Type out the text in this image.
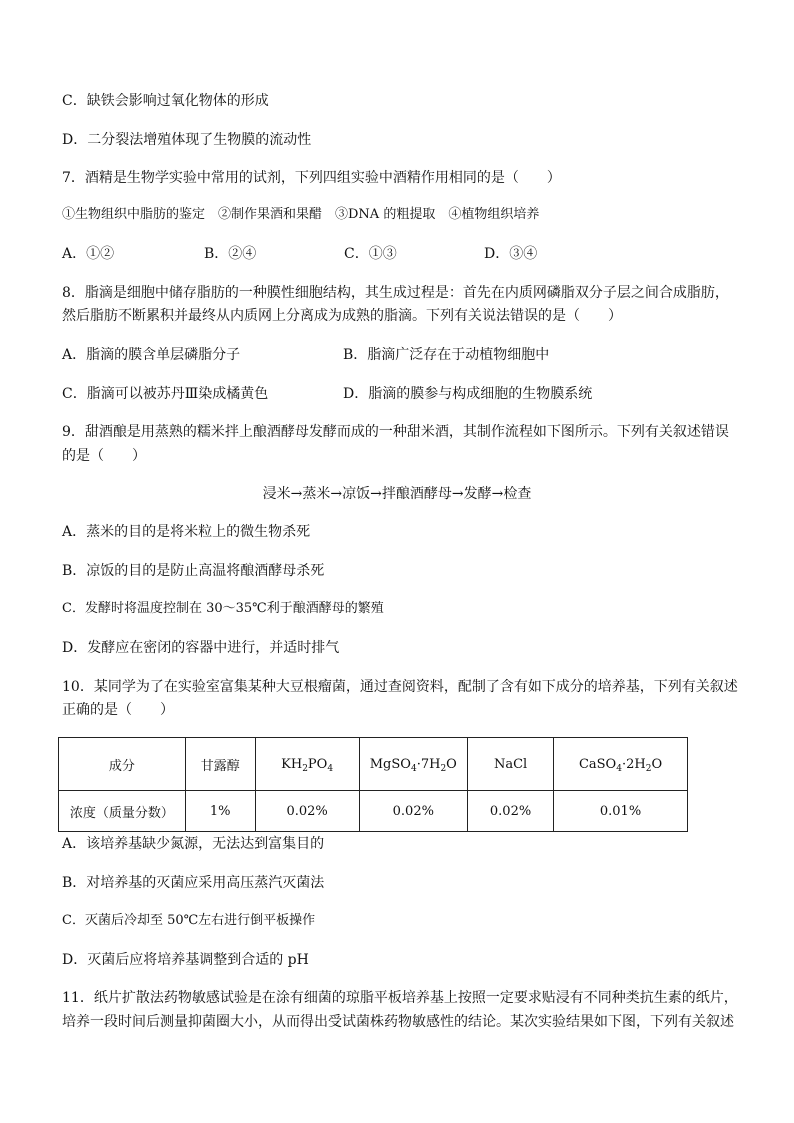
C．缺铁会影响过氧化物体的形成
D．二分裂法增殖体现了生物膜的流动性
7．酒精是生物学实验中常用的试剂，下列四组实验中酒精作用相同的是（　　）
①生物组织中脂肪的鉴定　②制作果酒和果醋　③DNA 的粗提取　④植物组织培养
A．①②	B．②④	C．①③	D．③④
8．脂滴是细胞中储存脂肪的一种膜性细胞结构，其生成过程是：首先在内质网磷脂双分子层之间合成脂肪，
然后脂肪不断累积并最终从内质网上分离成为成熟的脂滴。下列有关说法错误的是（　　）
A．脂滴的膜含单层磷脂分子	B．脂滴广泛存在于动植物细胞中
C．脂滴可以被苏丹Ⅲ染成橘黄色	D．脂滴的膜参与构成细胞的生物膜系统
9．甜酒酿是用蒸熟的糯米拌上酿酒酵母发酵而成的一种甜米酒，其制作流程如下图所示。下列有关叙述错误
的是（　　）
浸米→蒸米→凉饭→拌酿酒酵母→发酵→检查
A．蒸米的目的是将米粒上的微生物杀死
B．凉饭的目的是防止高温将酿酒酵母杀死
C．发酵时将温度控制在 30～35℃利于酿酒酵母的繁殖
D．发酵应在密闭的容器中进行，并适时排气
10．某同学为了在实验室富集某种大豆根瘤菌，通过查阅资料，配制了含有如下成分的培养基，下列有关叙述
正确的是（　　）
成分	甘露醇	$KH_2PO_4$	$MgSO_4\cdot 7H_2O$	NaCl	$CaSO_4\cdot 2H_2O$
浓度（质量分数）	1%	0.02%	0.02%	0.02%	0.01%
A．该培养基缺少氮源，无法达到富集目的
B．对培养基的灭菌应采用高压蒸汽灭菌法
C．灭菌后冷却至 50℃左右进行倒平板操作
D．灭菌后应将培养基调整到合适的 pH
11．纸片扩散法药物敏感试验是在涂有细菌的琼脂平板培养基上按照一定要求贴浸有不同种类抗生素的纸片，
培养一段时间后测量抑菌圈大小，从而得出受试菌株药物敏感性的结论。某次实验结果如下图，下列有关叙述
